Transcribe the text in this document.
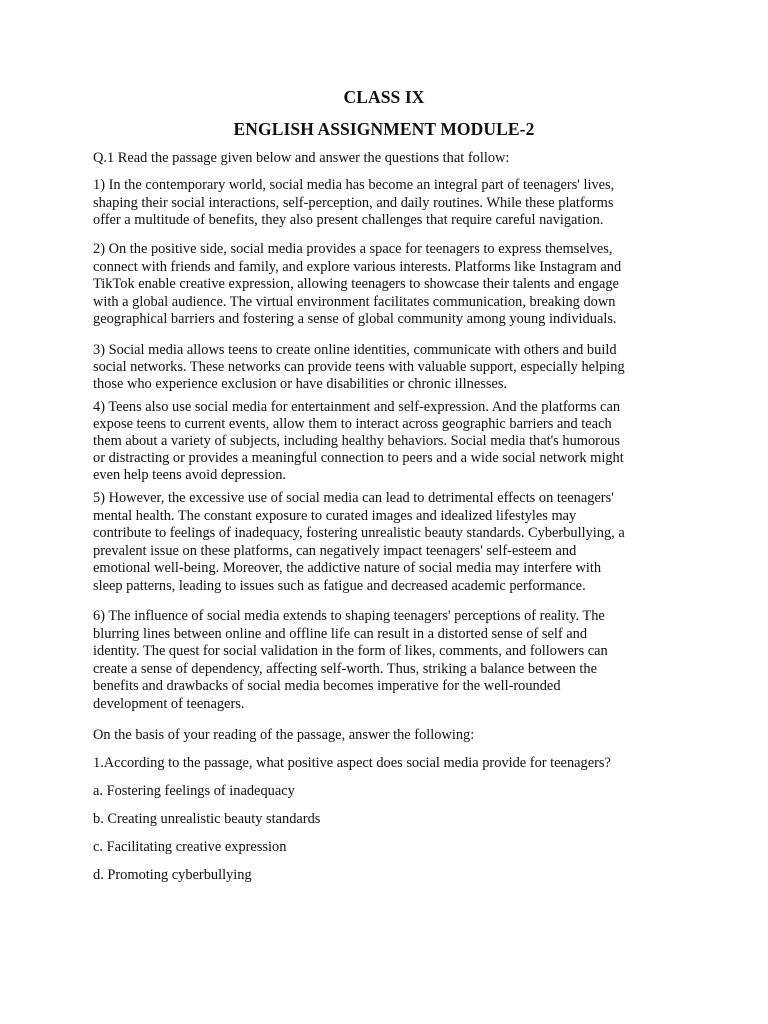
CLASS IX
ENGLISH ASSIGNMENT MODULE-2

Q.1 Read the passage given below and answer the questions that follow:

1) In the contemporary world, social media has become an integral part of teenagers' lives,
shaping their social interactions, self-perception, and daily routines. While these platforms
offer a multitude of benefits, they also present challenges that require careful navigation.
2) On the positive side, social media provides a space for teenagers to express themselves,
connect with friends and family, and explore various interests. Platforms like Instagram and
TikTok enable creative expression, allowing teenagers to showcase their talents and engage
with a global audience. The virtual environment facilitates communication, breaking down
geographical barriers and fostering a sense of global community among young individuals.
3) Social media allows teens to create online identities, communicate with others and build
social networks. These networks can provide teens with valuable support, especially helping
those who experience exclusion or have disabilities or chronic illnesses.
4) Teens also use social media for entertainment and self-expression. And the platforms can
expose teens to current events, allow them to interact across geographic barriers and teach
them about a variety of subjects, including healthy behaviors. Social media that's humorous
or distracting or provides a meaningful connection to peers and a wide social network might
even help teens avoid depression.
5) However, the excessive use of social media can lead to detrimental effects on teenagers'
mental health. The constant exposure to curated images and idealized lifestyles may
contribute to feelings of inadequacy, fostering unrealistic beauty standards. Cyberbullying, a
prevalent issue on these platforms, can negatively impact teenagers' self-esteem and
emotional well-being. Moreover, the addictive nature of social media may interfere with
sleep patterns, leading to issues such as fatigue and decreased academic performance.
6) The influence of social media extends to shaping teenagers' perceptions of reality. The
blurring lines between online and offline life can result in a distorted sense of self and
identity. The quest for social validation in the form of likes, comments, and followers can
create a sense of dependency, affecting self-worth. Thus, striking a balance between the
benefits and drawbacks of social media becomes imperative for the well-rounded
development of teenagers.

On the basis of your reading of the passage, answer the following:

1.According to the passage, what positive aspect does social media provide for teenagers?

a. Fostering feelings of inadequacy

b. Creating unrealistic beauty standards

c. Facilitating creative expression

d. Promoting cyberbullying
